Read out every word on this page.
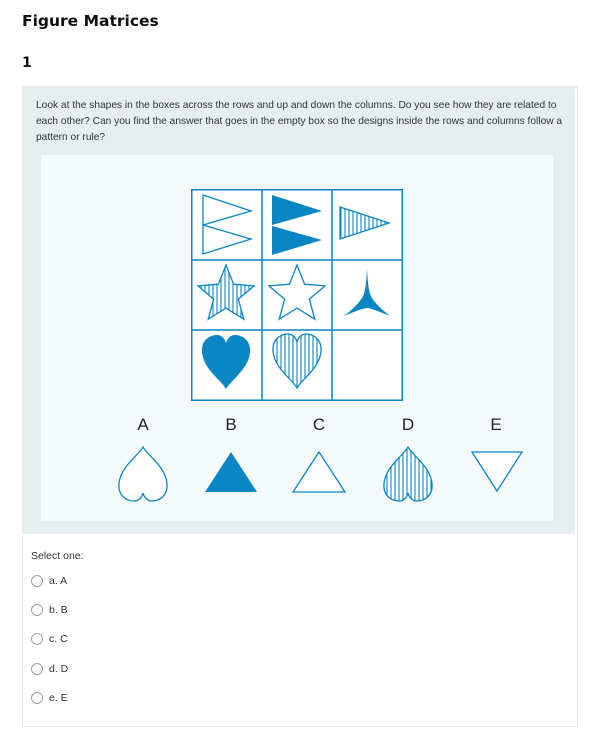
Figure Matrices
1

Look at the shapes in the boxes across the rows and up and down the columns. Do you see how they are related to each other? Can you find the answer that goes in the empty box so the designs inside the rows and columns follow a pattern or rule?

A	B	C	D	E
Select one:
a. A
b. B
c. C
d. D
e. E
